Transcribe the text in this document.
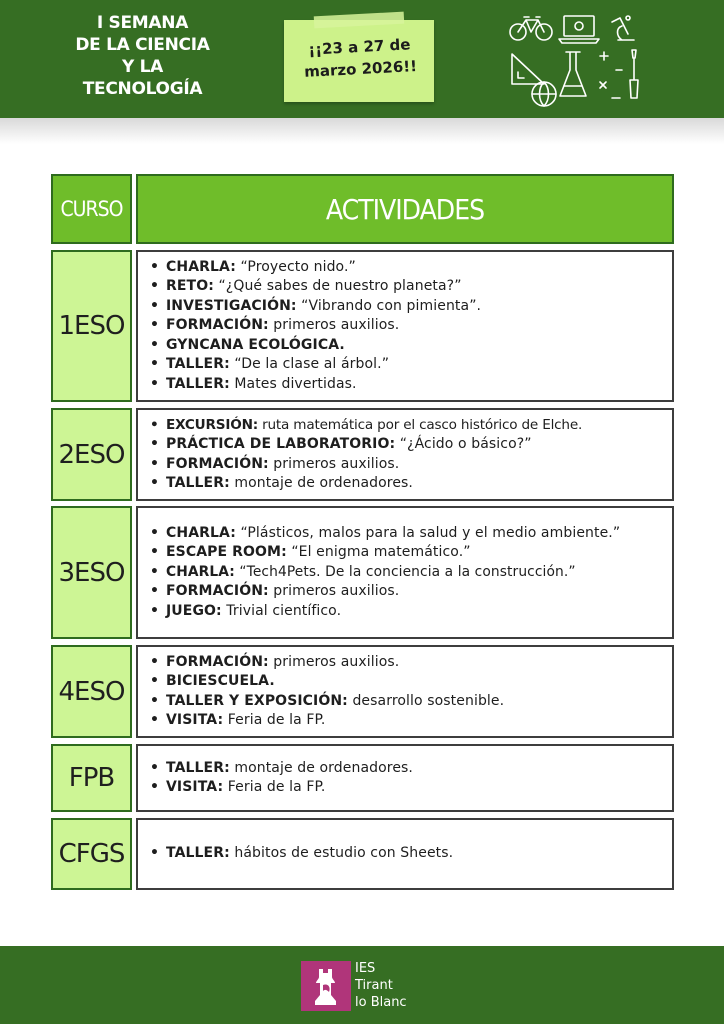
I SEMANA
DE LA CIENCIA
Y LA
TECNOLOGÍA
¡¡23 a 27 de
marzo 2026!!
CURSO	ACTIVIDADES
1ESO
• CHARLA: “Proyecto nido.”
• RETO: “¿Qué sabes de nuestro planeta?”
• INVESTIGACIÓN: “Vibrando con pimienta”.
• FORMACIÓN: primeros auxilios.
• GYNCANA ECOLÓGICA.
• TALLER: “De la clase al árbol.”
• TALLER: Mates divertidas.
2ESO
• EXCURSIÓN: ruta matemática por el casco histórico de Elche.
• PRÁCTICA DE LABORATORIO: “¿Ácido o básico?”
• FORMACIÓN: primeros auxilios.
• TALLER: montaje de ordenadores.
3ESO
• CHARLA: “Plásticos, malos para la salud y el medio ambiente.”
• ESCAPE ROOM: “El enigma matemático.”
• CHARLA: “Tech4Pets. De la conciencia a la construcción.”
• FORMACIÓN: primeros auxilios.
• JUEGO: Trivial científico.
4ESO
• FORMACIÓN: primeros auxilios.
• BICIESCUELA.
• TALLER Y EXPOSICIÓN: desarrollo sostenible.
• VISITA: Feria de la FP.
FPB	• TALLER: montaje de ordenadores.
• VISITA: Feria de la FP.
CFGS	• TALLER: hábitos de estudio con Sheets.
IES
Tirant
lo Blanc
